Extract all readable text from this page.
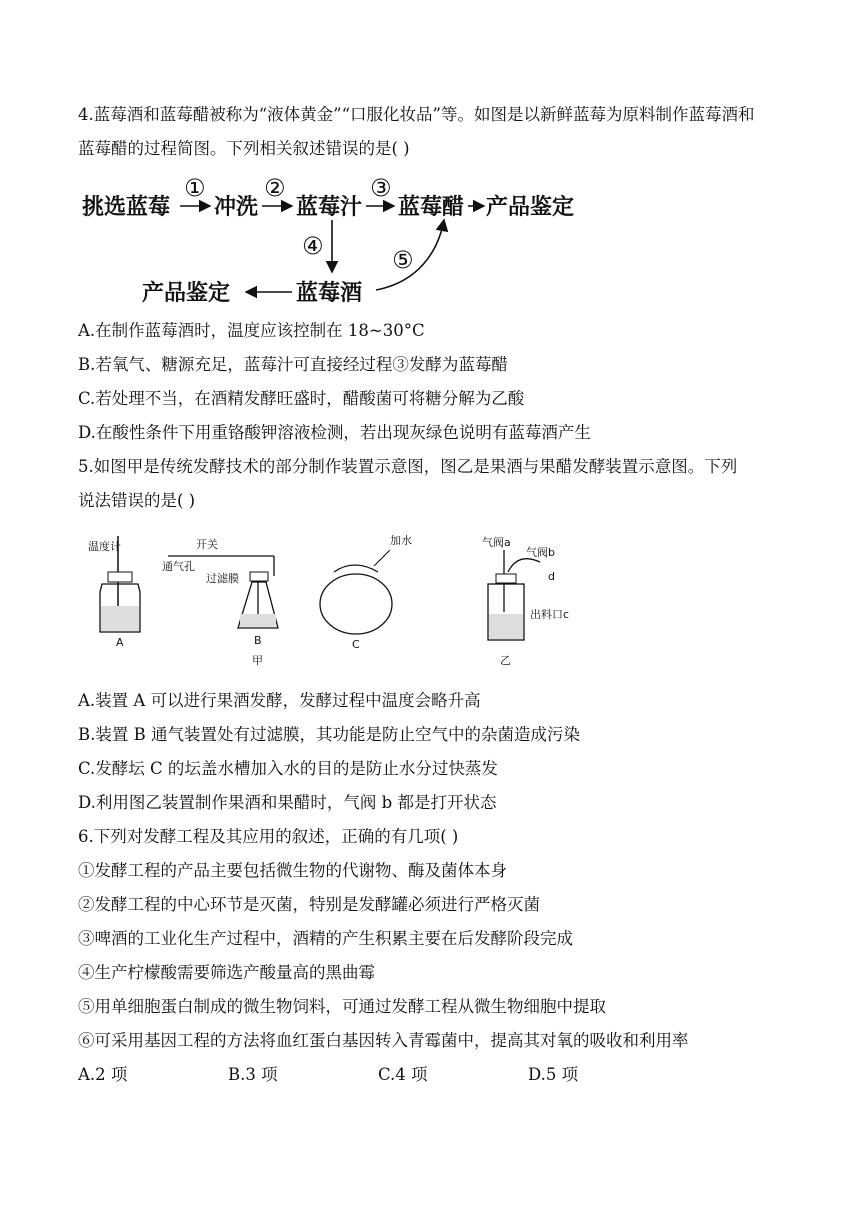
4.蓝莓酒和蓝莓醋被称为“液体黄金”“口服化妆品”等。如图是以新鲜蓝莓为原料制作蓝莓酒和
蓝莓醋的过程简图。下列相关叙述错误的是( )
挑选蓝莓
①
冲洗
②
蓝莓汁
③
蓝莓醋 产品鉴定
④
蓝莓酒
产品鉴定
⑤
A.在制作蓝莓酒时，温度应该控制在 18~30°C
B.若氧气、糖源充足，蓝莓汁可直接经过程③发酵为蓝莓醋
C.若处理不当，在酒精发酵旺盛时，醋酸菌可将糖分解为乙酸
D.在酸性条件下用重铬酸钾溶液检测，若出现灰绿色说明有蓝莓酒产生
5.如图甲是传统发酵技术的部分制作装置示意图，图乙是果酒与果醋发酵装置示意图。下列
说法错误的是( )
温度计
A
开关
通气孔
过滤膜
B
甲
加水
C
气阀a
气阀b
d
出料口c
乙
A.装置 A 可以进行果酒发酵，发酵过程中温度会略升高
B.装置 B 通气装置处有过滤膜，其功能是防止空气中的杂菌造成污染
C.发酵坛 C 的坛盖水槽加入水的目的是防止水分过快蒸发
D.利用图乙装置制作果酒和果醋时，气阀 b 都是打开状态
6.下列对发酵工程及其应用的叙述，正确的有几项( )
①发酵工程的产品主要包括微生物的代谢物、酶及菌体本身
②发酵工程的中心环节是灭菌，特别是发酵罐必须进行严格灭菌
③啤酒的工业化生产过程中，酒精的产生积累主要在后发酵阶段完成
④生产柠檬酸需要筛选产酸量高的黑曲霉
⑤用单细胞蛋白制成的微生物饲料，可通过发酵工程从微生物细胞中提取
⑥可采用基因工程的方法将血红蛋白基因转入青霉菌中，提高其对氧的吸收和利用率
A.2 项	B.3 项	C.4 项	D.5 项
